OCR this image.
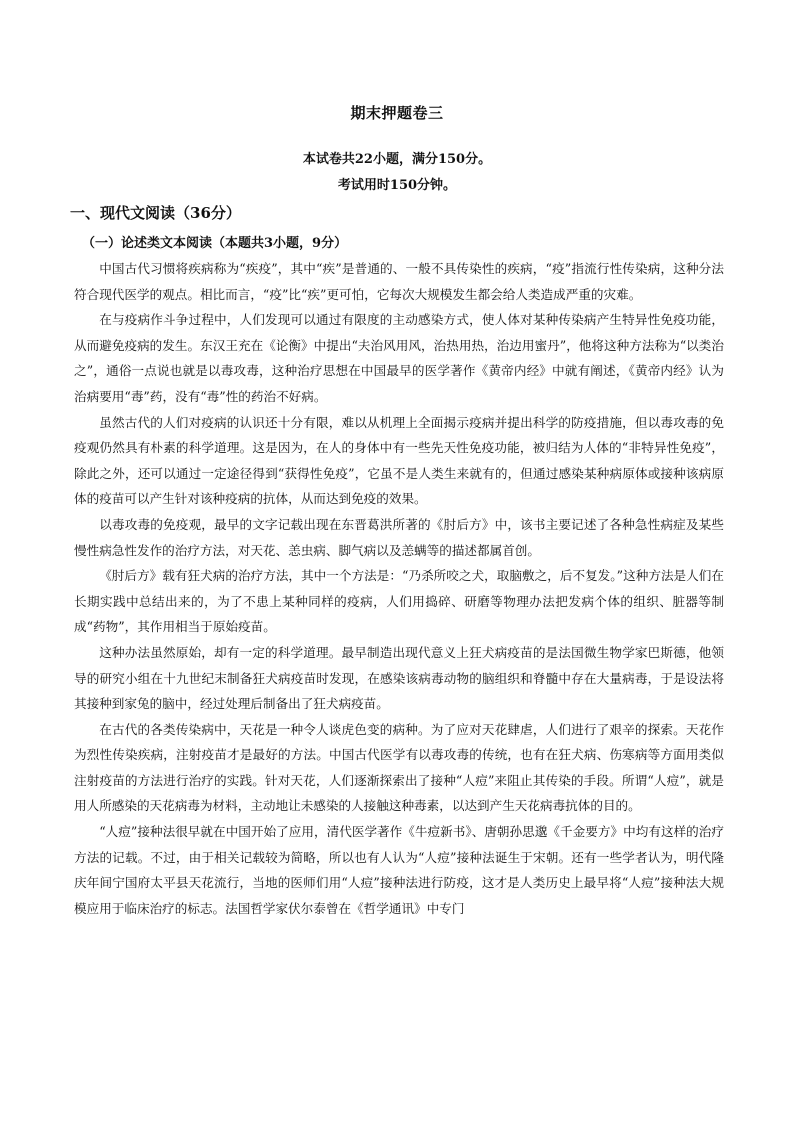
期末押题卷三
本试卷共22小题，满分150分。
考试用时150分钟。
一、现代文阅读（36分）
（一）论述类文本阅读（本题共3小题，9分）

中国古代习惯将疾病称为“疾疫”，其中“疾”是普通的、一般不具传染性的疾病，“疫”指流行性传染病，这种分法符合现代医学的观点。相比而言，“疫”比“疾”更可怕，它每次大规模发生都会给人类造成严重的灾难。

在与疫病作斗争过程中，人们发现可以通过有限度的主动感染方式，使人体对某种传染病产生特异性免疫功能，从而避免疫病的发生。东汉王充在《论衡》中提出“夫治风用风，治热用热，治边用蜜丹”，他将这种方法称为“以类治之”，通俗一点说也就是以毒攻毒，这种治疗思想在中国最早的医学著作《黄帝内经》中就有阐述，《黄帝内经》认为治病要用“毒”药，没有“毒”性的药治不好病。

虽然古代的人们对疫病的认识还十分有限，难以从机理上全面揭示疫病并提出科学的防疫措施，但以毒攻毒的免疫观仍然具有朴素的科学道理。这是因为，在人的身体中有一些先天性免疫功能，被归结为人体的“非特异性免疫”，除此之外，还可以通过一定途径得到“获得性免疫”，它虽不是人类生来就有的，但通过感染某种病原体或接种该病原体的疫苗可以产生针对该种疫病的抗体，从而达到免疫的效果。

以毒攻毒的免疫观，最早的文字记载出现在东晋葛洪所著的《肘后方》中，该书主要记述了各种急性病症及某些慢性病急性发作的治疗方法，对天花、恙虫病、脚气病以及恙螨等的描述都属首创。

《肘后方》载有狂犬病的治疗方法，其中一个方法是：“乃杀所咬之犬，取脑敷之，后不复发。”这种方法是人们在长期实践中总结出来的，为了不患上某种同样的疫病，人们用捣碎、研磨等物理办法把发病个体的组织、脏器等制成“药物”，其作用相当于原始疫苗。

这种办法虽然原始，却有一定的科学道理。最早制造出现代意义上狂犬病疫苗的是法国微生物学家巴斯德，他领导的研究小组在十九世纪末制备狂犬病疫苗时发现，在感染该病毒动物的脑组织和脊髓中存在大量病毒，于是设法将其接种到家兔的脑中，经过处理后制备出了狂犬病疫苗。

在古代的各类传染病中，天花是一种令人谈虎色变的病种。为了应对天花肆虐，人们进行了艰辛的探索。天花作为烈性传染疾病，注射疫苗才是最好的方法。中国古代医学有以毒攻毒的传统，也有在狂犬病、伤寒病等方面用类似注射疫苗的方法进行治疗的实践。针对天花，人们逐渐探索出了接种“人痘”来阻止其传染的手段。所谓“人痘”，就是用人所感染的天花病毒为材料，主动地让未感染的人接触这种毒素，以达到产生天花病毒抗体的目的。

“人痘”接种法很早就在中国开始了应用，清代医学著作《牛痘新书》、唐朝孙思邈《千金要方》中均有这样的治疗方法的记载。不过，由于相关记载较为简略，所以也有人认为“人痘”接种法诞生于宋朝。还有一些学者认为，明代隆庆年间宁国府太平县天花流行，当地的医师们用“人痘”接种法进行防疫，这才是人类历史上最早将“人痘”接种法大规模应用于临床治疗的标志。法国哲学家伏尔泰曾在《哲学通讯》中专门
